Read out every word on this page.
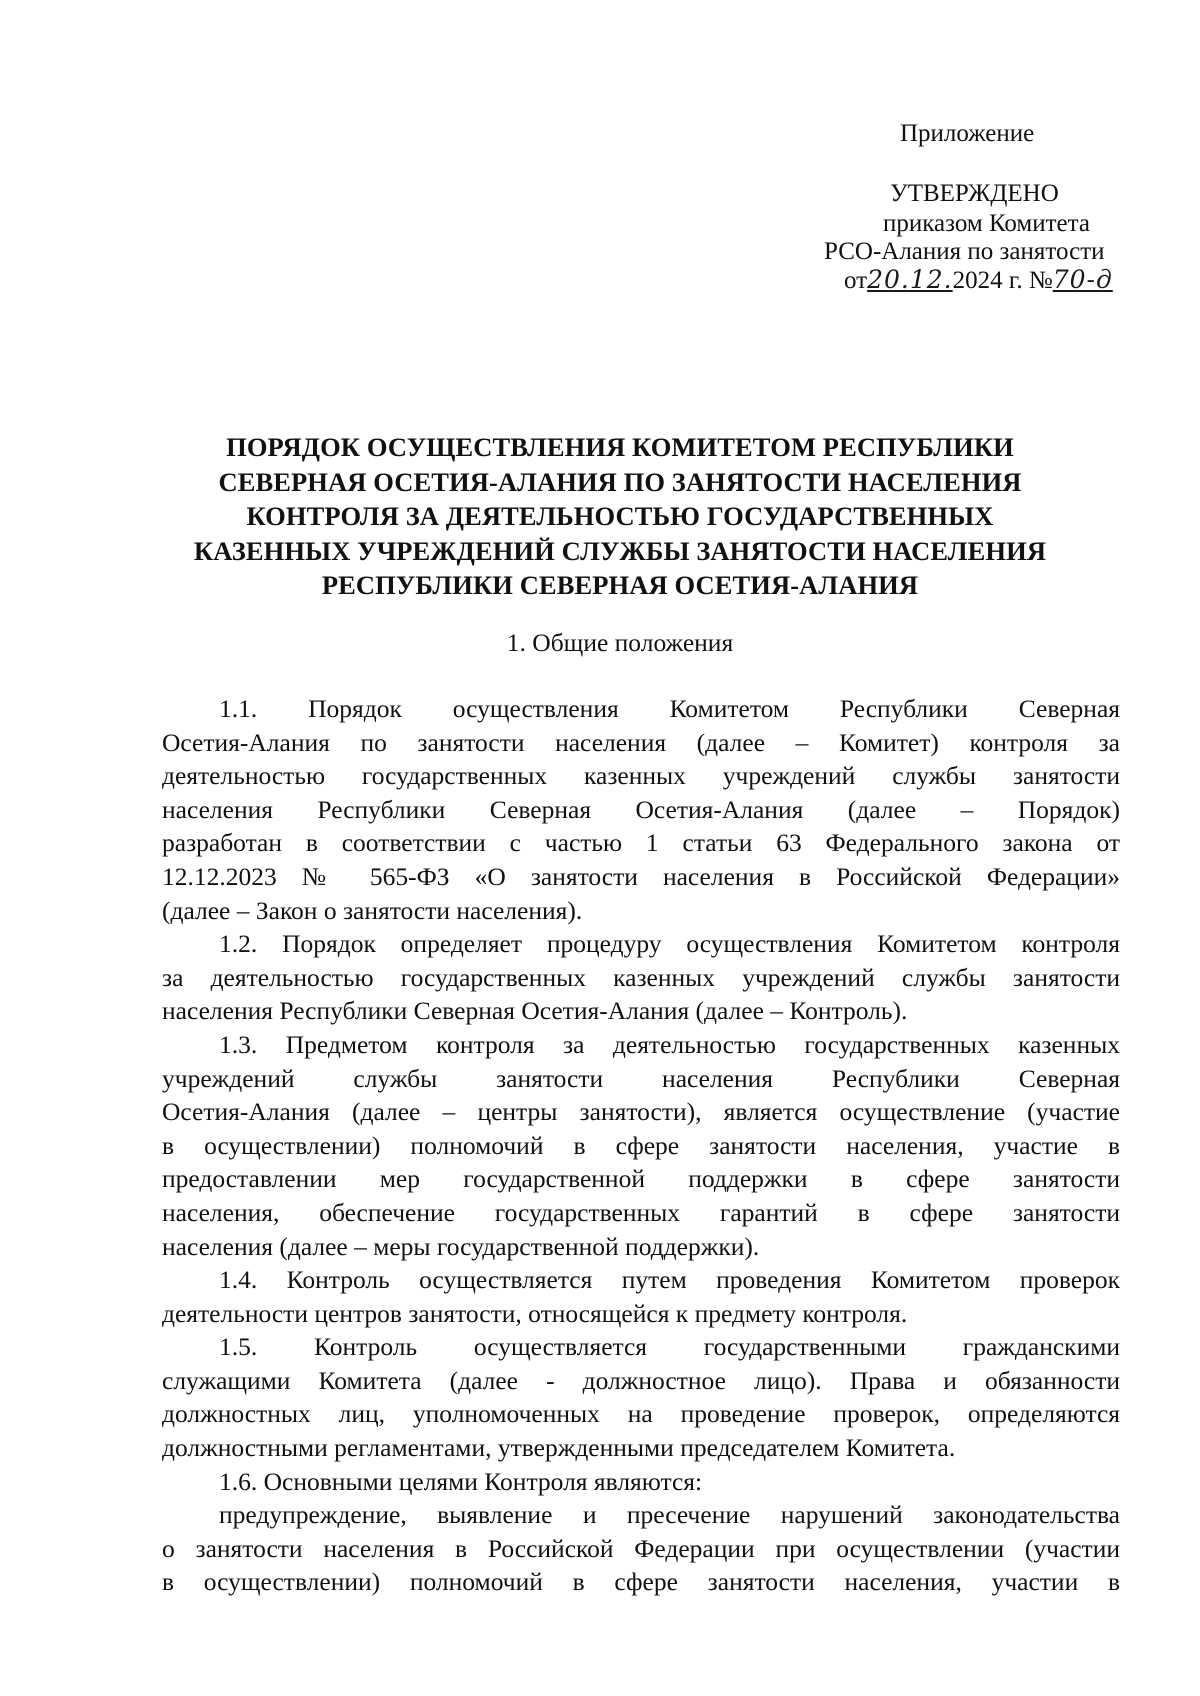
Приложение
УТВЕРЖДЕНО
приказом Комитета
РСО-Алания по занятости
от20.12.2024 г. №70-д
ПОРЯДОК ОСУЩЕСТВЛЕНИЯ КОМИТЕТОМ РЕСПУБЛИКИ
СЕВЕРНАЯ ОСЕТИЯ-АЛАНИЯ ПО ЗАНЯТОСТИ НАСЕЛЕНИЯ
КОНТРОЛЯ ЗА ДЕЯТЕЛЬНОСТЬЮ ГОСУДАРСТВЕННЫХ
КАЗЕННЫХ УЧРЕЖДЕНИЙ СЛУЖБЫ ЗАНЯТОСТИ НАСЕЛЕНИЯ
РЕСПУБЛИКИ СЕВЕРНАЯ ОСЕТИЯ-АЛАНИЯ
1. Общие положения
1.1. Порядок осуществления Комитетом Республики Северная
Осетия-Алания по занятости населения (далее – Комитет) контроля за
деятельностью государственных казенных учреждений службы занятости
населения Республики Северная Осетия-Алания (далее – Порядок)
разработан в соответствии с частью 1 статьи 63 Федерального закона от
12.12.2023 № 565-ФЗ «О занятости населения в Российской Федерации»
(далее – Закон о занятости населения).
1.2. Порядок определяет процедуру осуществления Комитетом контроля
за деятельностью государственных казенных учреждений службы занятости
населения Республики Северная Осетия-Алания (далее – Контроль).
1.3. Предметом контроля за деятельностью государственных казенных
учреждений службы занятости населения Республики Северная
Осетия-Алания (далее – центры занятости), является осуществление (участие
в осуществлении) полномочий в сфере занятости населения, участие в
предоставлении мер государственной поддержки в сфере занятости
населения, обеспечение государственных гарантий в сфере занятости
населения (далее – меры государственной поддержки).
1.4. Контроль осуществляется путем проведения Комитетом проверок
деятельности центров занятости, относящейся к предмету контроля.
1.5. Контроль осуществляется государственными гражданскими
служащими Комитета (далее - должностное лицо). Права и обязанности
должностных лиц, уполномоченных на проведение проверок, определяются
должностными регламентами, утвержденными председателем Комитета.
1.6. Основными целями Контроля являются:
предупреждение, выявление и пресечение нарушений законодательства
о занятости населения в Российской Федерации при осуществлении (участии
в осуществлении) полномочий в сфере занятости населения, участии в
